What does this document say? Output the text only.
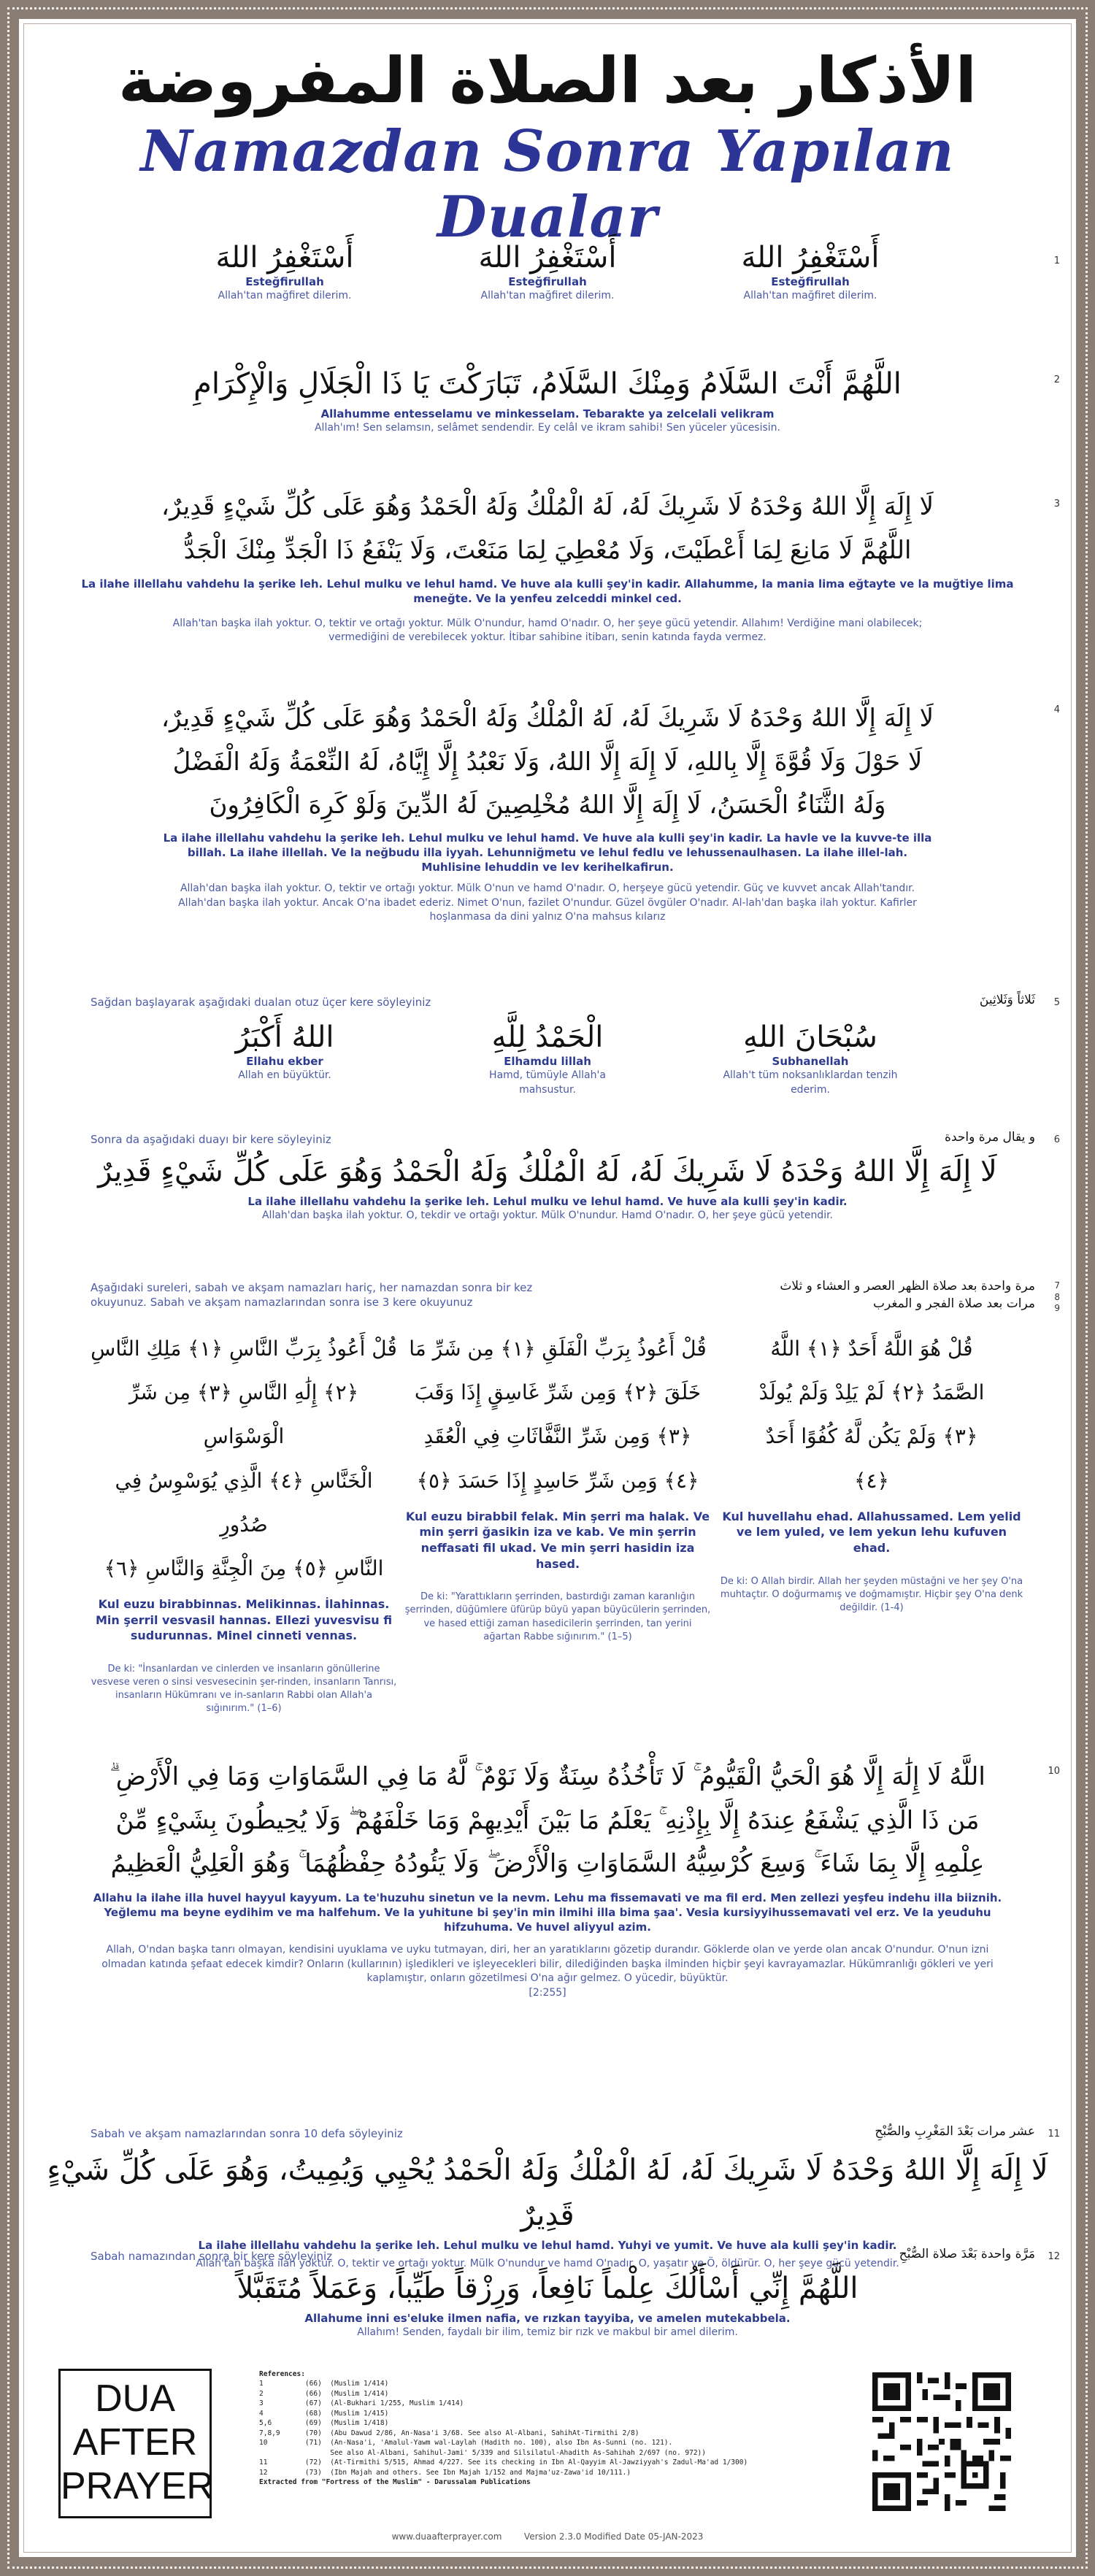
الأذكار بعد الصلاة المفروضة
Namazdan Sonra Yapılan Dualar
1
أَسْتَغْفِرُ اللهَ
Esteğfirullah
Allah'tan mağfiret dilerim.
أَسْتَغْفِرُ اللهَ
Esteğfirullah
Allah'tan mağfiret dilerim.
أَسْتَغْفِرُ اللهَ
Esteğfirullah
Allah'tan mağfiret dilerim.
2
اللَّهُمَّ أَنْتَ السَّلَامُ وَمِنْكَ السَّلَامُ، تَبَارَكْتَ يَا ذَا الْجَلَالِ وَالْإِكْرَامِ
Allahumme entesselamu ve minkesselam. Tebarakte ya zelcelali velikram
Allah'ım! Sen selamsın, selâmet sendendir. Ey celâl ve ikram sahibi! Sen yüceler yücesisin.
3
لَا إِلَهَ إِلَّا اللهُ وَحْدَهُ لَا شَرِيكَ لَهُ، لَهُ الْمُلْكُ وَلَهُ الْحَمْدُ وَهُوَ عَلَى كُلِّ شَيْءٍ قَدِيرٌ،
اللَّهُمَّ لَا مَانِعَ لِمَا أَعْطَيْتَ، وَلَا مُعْطِيَ لِمَا مَنَعْتَ، وَلَا يَنْفَعُ ذَا الْجَدِّ مِنْكَ الْجَدُّ
La ilahe illellahu vahdehu la şerike leh. Lehul mulku ve lehul hamd. Ve huve ala kulli şey'in kadir. Allahumme, la mania lima eğtayte ve la muğtiye lima meneğte. Ve la yenfeu zelceddi minkel ced.
Allah'tan başka ilah yoktur. O, tektir ve ortağı yoktur. Mülk O'nundur, hamd O'nadır. O, her şeye gücü yetendir. Allahım! Verdiğine mani olabilecek; vermediğini de verebilecek yoktur. İtibar sahibine itibarı, senin katında fayda vermez.
4
لَا إِلَهَ إِلَّا اللهُ وَحْدَهُ لَا شَرِيكَ لَهُ، لَهُ الْمُلْكُ وَلَهُ الْحَمْدُ وَهُوَ عَلَى كُلِّ شَيْءٍ قَدِيرٌ،
لَا حَوْلَ وَلَا قُوَّةَ إِلَّا بِاللهِ، لَا إِلَهَ إِلَّا اللهُ، وَلَا نَعْبُدُ إِلَّا إِيَّاهُ، لَهُ النِّعْمَةُ وَلَهُ الْفَضْلُ
وَلَهُ الثَّنَاءُ الْحَسَنُ، لَا إِلَهَ إِلَّا اللهُ مُخْلِصِينَ لَهُ الدِّينَ وَلَوْ كَرِهَ الْكَافِرُونَ
La ilahe illellahu vahdehu la şerike leh. Lehul mulku ve lehul hamd. Ve huve ala kulli şey'in kadir. La havle ve la kuvve-te illa billah. La ilahe illellah. Ve la neğbudu illa iyyah. Lehunniğmetu ve lehul fedlu ve lehussenaulhasen. La ilahe illel-lah. Muhlisine lehuddin ve lev kerihelkafirun.
Allah'dan başka ilah yoktur. O, tektir ve ortağı yoktur. Mülk O'nun ve hamd O'nadır. O, herşeye gücü yetendir. Güç ve kuvvet ancak Allah'tandır. Allah'dan başka ilah yoktur. Ancak O'na ibadet ederiz. Nimet O'nun, fazilet O'nundur. Güzel övgüler O'nadır. Al-lah'dan başka ilah yoktur. Kafirler hoşlanmasa da dini yalnız O'na mahsus kılarız
5
Sağdan başlayarak aşağıdaki dualan otuz üçer kere söyleyiniz	ثَلاثاً وَثَلاثِينَ
اللهُ أَكْبَرُ
Ellahu ekber
Allah en büyüktür.
الْحَمْدُ لِلَّهِ
Elhamdu lillah
Hamd, tümüyle Allah'a mahsustur.
سُبْحَانَ اللهِ
Subhanellah
Allah't tüm noksanlıklardan tenzih ederim.
6
Sonra da aşağıdaki duayı bir kere söyleyiniz	و يقال مرة واحدة
لَا إِلَهَ إِلَّا اللهُ وَحْدَهُ لَا شَرِيكَ لَهُ، لَهُ الْمُلْكُ وَلَهُ الْحَمْدُ وَهُوَ عَلَى كُلِّ شَيْءٍ قَدِيرٌ
La ilahe illellahu vahdehu la şerike leh. Lehul mulku ve lehul hamd. Ve huve ala kulli şey'in kadir.
Allah'dan başka ilah yoktur. O, tekdir ve ortağı yoktur. Mülk O'nundur. Hamd O'nadır. O, her şeye gücü yetendir.
7
8
9
Aşağıdaki sureleri, sabah ve akşam namazları hariç, her namazdan sonra bir kez okuyunuz. Sabah ve akşam namazlarından sonra ise 3 kere okuyunuz
مرة واحدة بعد صلاة الظهر العصر و العشاء و ثلاث
مرات بعد صلاة الفجر و المغرب
قُلْ أَعُوذُ بِرَبِّ النَّاسِ ﴿١﴾ مَلِكِ النَّاسِ
﴿٢﴾ إِلَٰهِ النَّاسِ ﴿٣﴾ مِن شَرِّ الْوَسْوَاسِ
الْخَنَّاسِ ﴿٤﴾ الَّذِي يُوَسْوِسُ فِي صُدُورِ
النَّاسِ ﴿٥﴾ مِنَ الْجِنَّةِ وَالنَّاسِ ﴿٦﴾
Kul euzu birabbinnas. Melikinnas. İlahinnas. Min şerril vesvasil hannas. Ellezi yuvesvisu fi sudurunnas. Minel cinneti vennas.
De ki: "İnsanlardan ve cinlerden ve insanların gönüllerine vesvese veren o sinsi vesvesecinin şer-rinden, insanların Tanrısı, insanların Hükümranı ve in-sanların Rabbi olan Allah'a sığınırım." (1–6)
قُلْ أَعُوذُ بِرَبِّ الْفَلَقِ ﴿١﴾ مِن شَرِّ مَا
خَلَقَ ﴿٢﴾ وَمِن شَرِّ غَاسِقٍ إِذَا وَقَبَ
﴿٣﴾ وَمِن شَرِّ النَّفَّاثَاتِ فِي الْعُقَدِ
﴿٤﴾ وَمِن شَرِّ حَاسِدٍ إِذَا حَسَدَ ﴿٥﴾
Kul euzu birabbil felak. Min şerri ma halak. Ve min şerri ğasikin iza ve kab. Ve min şerrin neffasati fil ukad. Ve min şerri hasidin iza hased.
De ki: "Yarattıkların şerrinden, bastırdığı zaman karanlığın şerrinden, düğümlere üfürüp büyü yapan büyücülerin şerrinden, ve hased ettiği zaman hasedicilerin şerrinden, tan yerini ağartan Rabbe sığınırım." (1–5)
قُلْ هُوَ اللَّهُ أَحَدٌ ﴿١﴾ اللَّهُ
الصَّمَدُ ﴿٢﴾ لَمْ يَلِدْ وَلَمْ يُولَدْ
﴿٣﴾ وَلَمْ يَكُن لَّهُ كُفُوًا أَحَدٌ
﴿٤﴾
Kul huvellahu ehad. Allahussamed. Lem yelid ve lem yuled, ve lem yekun lehu kufuven ehad.
De ki: O Allah birdir. Allah her şeyden müstağni ve her şey O'na muhtaçtır. O doğurmamış ve doğmamıştır. Hiçbir şey O'na denk değildir. (1-4)
10
اللَّهُ لَا إِلَٰهَ إِلَّا هُوَ الْحَيُّ الْقَيُّومُ ۚ لَا تَأْخُذُهُ سِنَةٌ وَلَا نَوْمٌ ۚ لَّهُ مَا فِي السَّمَاوَاتِ وَمَا فِي الْأَرْضِ ۗ
مَن ذَا الَّذِي يَشْفَعُ عِندَهُ إِلَّا بِإِذْنِهِ ۚ يَعْلَمُ مَا بَيْنَ أَيْدِيهِمْ وَمَا خَلْفَهُمْ ۖ وَلَا يُحِيطُونَ بِشَيْءٍ مِّنْ
عِلْمِهِ إِلَّا بِمَا شَاءَ ۚ وَسِعَ كُرْسِيُّهُ السَّمَاوَاتِ وَالْأَرْضَ ۖ وَلَا يَئُودُهُ حِفْظُهُمَا ۚ وَهُوَ الْعَلِيُّ الْعَظِيمُ
Allahu la ilahe illa huvel hayyul kayyum. La te'huzuhu sinetun ve la nevm. Lehu ma fissemavati ve ma fil erd. Men zellezi yeşfeu indehu illa biiznih. Yeğlemu ma beyne eydihim ve ma halfehum. Ve la yuhitune bi şey'in min ilmihi illa bima şaa'. Vesia kursiyyihussemavati vel erz. Ve la yeuduhu hifzuhuma. Ve huvel aliyyul azim.
Allah, O'ndan başka tanrı olmayan, kendisini uyuklama ve uyku tutmayan, diri, her an yaratıklarını gözetip durandır. Göklerde olan ve yerde olan ancak O'nundur. O'nun izni olmadan katında şefaat edecek kimdir? Onların (kullarının) işledikleri ve işleyecekleri bilir, dilediğinden başka ilminden hiçbir şeyi kavrayamazlar. Hükümranlığı gökleri ve yeri kaplamıştır, onların gözetilmesi O'na ağır gelmez. O yücedir, büyüktür.
[2:255]
11
Sabah ve akşam namazlarından sonra 10 defa söyleyiniz	عشر مرات بَعْدَ المَغْرِبِ والصُّبْحِ
لَا إِلَهَ إِلَّا اللهُ وَحْدَهُ لَا شَرِيكَ لَهُ، لَهُ الْمُلْكُ وَلَهُ الْحَمْدُ يُحْيِي وَيُمِيتُ، وَهُوَ عَلَى كُلِّ شَيْءٍ قَدِيرٌ
La ilahe illellahu vahdehu la şerike leh. Lehul mulku ve lehul hamd. Yuhyi ve yumit. Ve huve ala kulli şey'in kadir.
Allah'tan başka ilah yoktur. O, tektir ve ortağı yoktur. Mülk O'nundur ve hamd O'nadır. O, yaşatır ve Ö, öldürür. O, her şeye gücü yetendir.
12
Sabah namazından sonra bir kere söyleyiniz	مَرَّة واحدة بَعْدَ صلاة الصُّبْحِ
اللَّهُمَّ إِنِّي أَسْأَلُكَ عِلْماً نَافِعاً، وَرِزْقاً طَيِّباً، وَعَمَلاً مُتَقَبَّلاً
Allahume inni es'eluke ilmen nafia, ve rızkan tayyiba, ve amelen mutekabbela.
Allahım! Senden, faydalı bir ilim, temiz bir rızk ve makbul bir amel dilerim.
DUA
AFTER
PRAYER
References:
1          (66)  (Muslim 1/414)
2          (66)  (Muslim 1/414)
3          (67)  (Al-Bukhari 1/255, Muslim 1/414)
4          (68)  (Muslim 1/415)
5,6        (69)  (Muslim 1/418)
7,8,9      (70)  (Abu Dawud 2/86, An-Nasa'i 3/68. See also Al-Albani, SahihAt-Tirmithi 2/8)
10         (71)  (An-Nasa'i, 'Amalul-Yawm wal-Laylah (Hadith no. 100), also Ibn As-Sunni (no. 121).
See also Al-Albani, Sahihul-Jami' 5/339 and Silsilatul-Ahadith As-Sahihah 2/697 (no. 972))
11         (72)  (At-Tirmithi 5/515, Ahmad 4/227. See its checking in Ibn Al-Qayyim Al-Jawziyyah's Zadul-Ma'ad 1/300)
12         (73)  (Ibn Majah and others. See Ibn Majah 1/152 and Majma'uz-Zawa'id 10/111.)
Extracted from "Fortress of the Muslim" - Darussalam Publications
www.duaafterprayer.com	Version 2.3.0 Modified Date 05-JAN-2023
